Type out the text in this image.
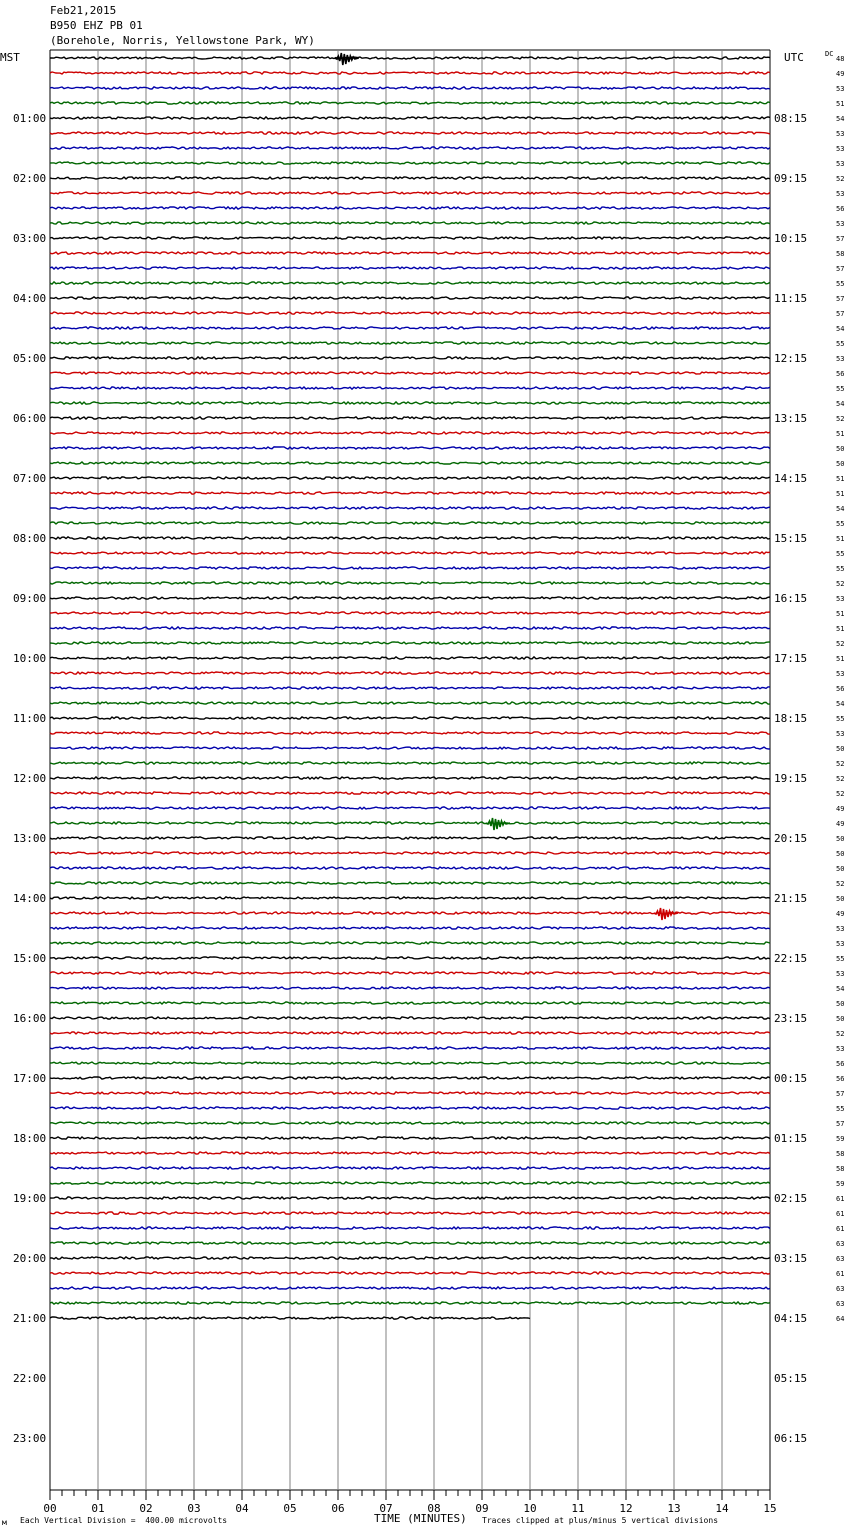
Feb21,2015
B950 EHZ PB 01
(Borehole, Norris, Yellowstone Park, WY)
00	01	02	03	04	05	06	07	08	09	10	11	12	13	14	15
MST	UTC	DC
01:00
02:00
03:00
04:00
05:00
06:00
07:00
08:00
09:00
10:00
11:00
12:00
13:00
14:00
15:00
16:00
17:00
18:00
19:00
20:00
21:00
22:00
23:00
08:15
09:15
10:15
11:15
12:15
13:15
14:15
15:15
16:15
17:15
18:15
19:15
20:15
21:15
22:15
23:15
00:15
01:15
02:15
03:15
04:15
05:15
06:15
48
49
53
51
54
53
53
53
52
53
56
53
57
58
57
55
57
57
54
55
53
56
55
54
52
51
50
50
51
51
54
55
51
55
55
52
53
51
51
52
51
53
56
54
55
53
50
52
52
52
49
49
50
50
50
52
50
49
53
53
55
53
54
50
50
52
53
56
56
57
55
57
59
58
58
59
61
61
61
63
63
61
63
63
64
TIME (MINUTES)
м Each Vertical Division =  400.00 microvolts	Traces clipped at plus/minus 5 vertical divisions
